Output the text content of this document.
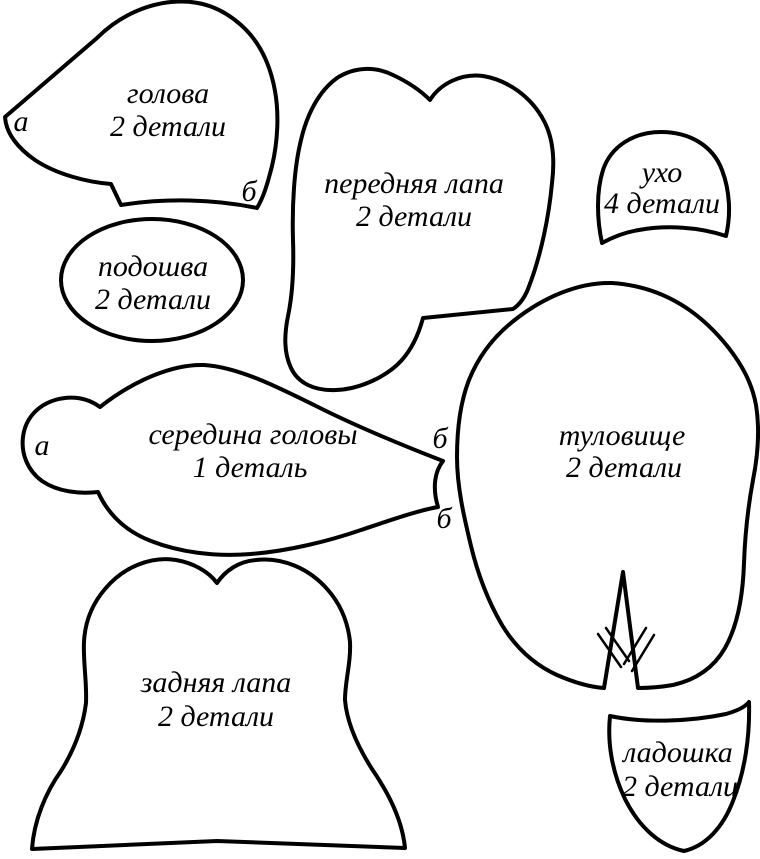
голова
2 детали
а
б передняя лапа
2 детали
ухо
4 детали
подошва
2 детали
середина головы
1 деталь
а	б
б
туловище
2 детали
задняя лапа
2 детали
ладошка
2 детали
